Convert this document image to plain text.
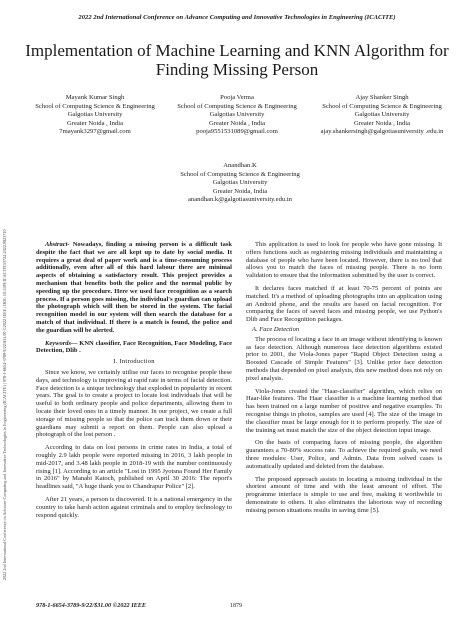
2022 2nd International Conference on Advance Computing and Innovative Technologies in Engineering (ICACITE) | 978-1-6654-3789-9/22/$31.00 ©2022 IEEE | DOI: 10.1109/ICACITE53722.2022.9823710
2022 2nd International Conference on Advance Computing and Innovative Technologies in Engineering (ICACITE)
Implementation of Machine Learning and KNN Algorithm for Finding Missing Person
Mayank Kumar Singh
School of Computing Science & Engineering
Galgotias University
Greater Noida , India
7mayank3297@gmail.com
Pooja Verma
School of Computing Science & Engineering
Galgotias University
Greater Noida , India
pooja9551531089@gmail.com
Ajay Shanker Singh
School of Computing Science & Engineering
Galgotias University
Greater Noida , India
ajay.shankersingh@galgotiasuniversity .edu.in
Anandhan.K
School of Computing Science & Engineering
Galgotias University
Greater Noida, India
anandhan.k@galgotiasuniversity.edu.in

Abstract- Nowadays, finding a missing person is a difficult task despite the fact that we are all kept up to date by social media. It requires a great deal of paper work and is a time-consuming process additionally, even after all of this hard labour there are minimal aspects of obtaining a satisfactory result. This project provides a mechanism that benefits both the police and the normal public by speeding up the procedure. Here we used face recognition as a search process. If a person goes missing, the individual's guardian can upload the photograph which will then be stored in the system. The facial recognition model in our system will then search the database for a match of that individual. If there is a match is found, the police and the guardian will be alerted.

Keywords— KNN classifier, Face Recognition, Face Modeling, Face Detection, Dlib .

I. Introduction

Since we know, we certainly utilise our faces to recognise people these days, and technology is improving at rapid rate in terms of facial detection. Face detection is a unique technology that exploded in popularity in recent years. The goal is to create a project to locate lost individuals that will be useful to both ordinary people and police departments, allowing them to locate their loved ones in a timely manner. In our project, we create a full storage of missing people so that the police can track them down or their guardians may submit a report on them. People can also upload a photograph of the lost person .

According to data on lost persons in crime rates in India, a total of roughly 2.9 lakh people were reported missing in 2016, 3 lakh people in mid-2017, and 3.48 lakh people in 2018-19 with the number continuously rising [1]. According to an article "Lost in 1995 Jyotsna Found Her Family in 2016" by Manabi Katoch, published on April 30 2016: The report's headlines said, "A huge thank you to Chandrapur Police" [2].

After 21 years, a person is discovered. It is a national emergency in the country to take harsh action against criminals and to employ technology to respond quickly.

This application is used to look for people who have gone missing. It offers functions such as registering missing individuals and maintaining a database of people who have been located. However, there is no tool that allows you to match the faces of missing people. There is no form validation to ensure that the information submitted by the user is correct.

It declares faces matched if at least 70-75 percent of points are matched. It's a method of uploading photographs into an application using an Android phone, and the results are based on facial recognition. For comparing the faces of saved faces and missing people, we use Python's Dlib and Face Recognition packages.

A. Face Detection

The process of locating a face in an image without identifying is known as face detection. Although numerous face detection algorithms existed prior to 2001, the Viola-Jones paper "Rapid Object Detection using a Boosted Cascade of Simple Features" [3]. Unlike prior face detection methods that depended on pixel analysis, this new method does not rely on pixel analysis.

Viola-Jones created the "Haar-classifier" algorithm, which relies on Haar-like features. The Haar classifier is a machine learning method that has been trained on a large number of positive and negative examples. To recognise things in photos, samples are used [4]. The size of the image in the classifier must be large enough for it to perform properly. The size of the training set must match the size of the object detection input image.

On the basis of comparing faces of missing people, the algorithm guarantees a 70-80% success rate. To achieve the required goals, we need three modules: User, Police, and Admin. Data from solved cases is automatically updated and deleted from the database.

The proposed approach assists in locating a missing individual in the shortest amount of time and with the least amount of effort. The programme interface is simple to use and free, making it worthwhile to demonstrate to others. It also eliminates the laborious way of recording missing person situations results in saving time [5].

978-1-6654-3789-9/22/$31.00 ©2022 IEEE	1879
